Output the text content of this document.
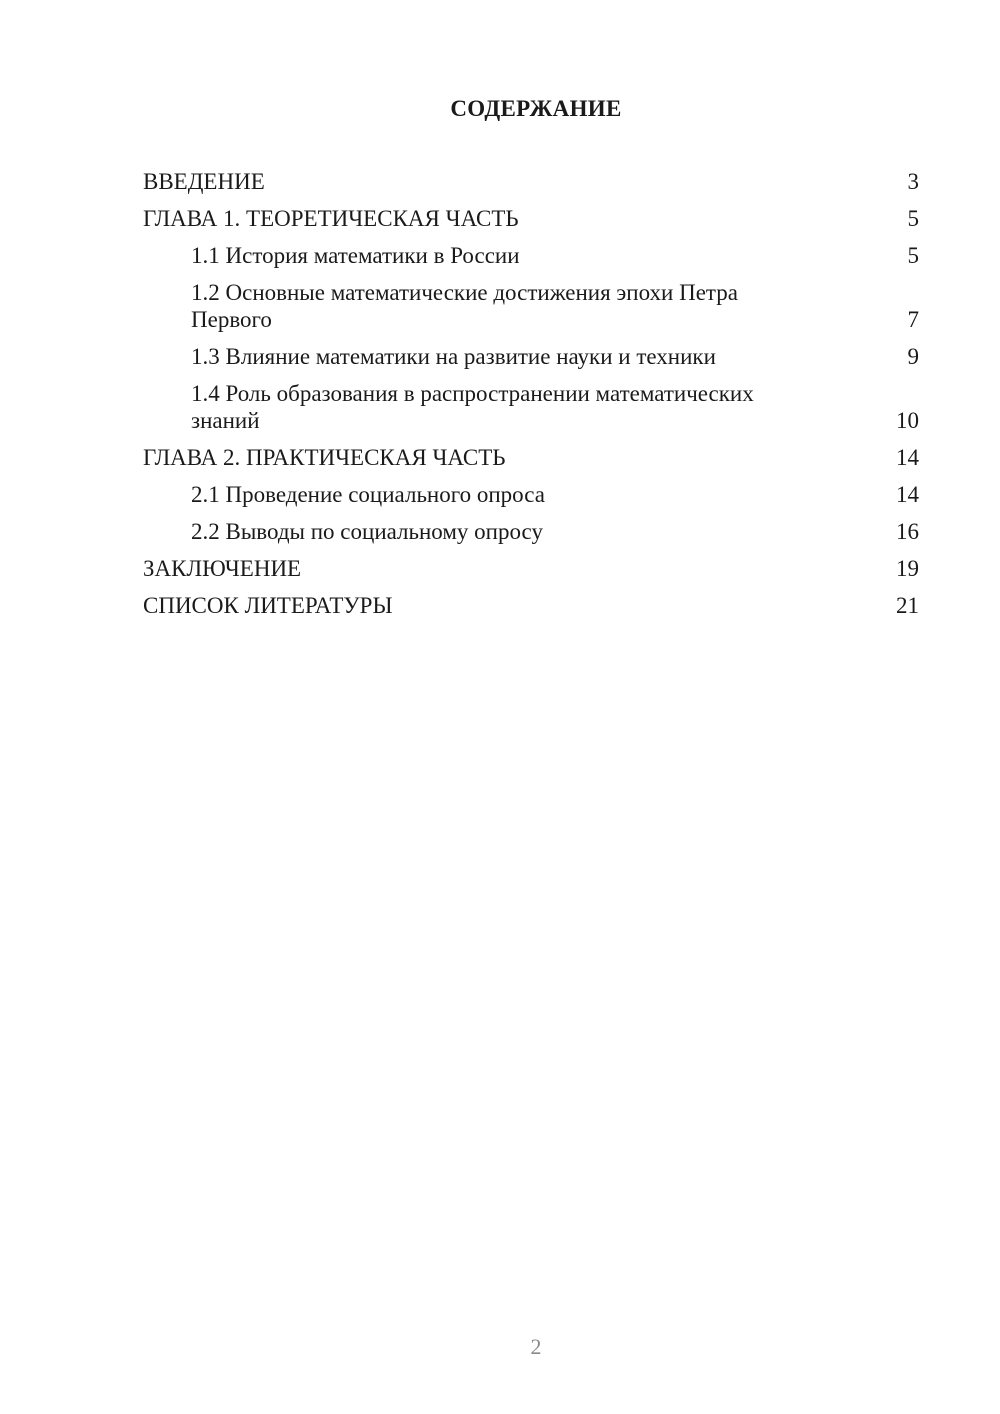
СОДЕРЖАНИЕ
ВВЕДЕНИЕ	3
ГЛАВА 1. ТЕОРЕТИЧЕСКАЯ ЧАСТЬ	5
1.1 История математики в России	5
1.2 Основные математические достижения эпохи Петра Первого	7
1.3 Влияние математики на развитие науки и техники	9
1.4 Роль образования в распространении математических знаний	10
ГЛАВА 2. ПРАКТИЧЕСКАЯ ЧАСТЬ	14
2.1 Проведение социального опроса	14
2.2 Выводы по социальному опросу	16
ЗАКЛЮЧЕНИЕ	19
СПИСОК ЛИТЕРАТУРЫ	21
2
